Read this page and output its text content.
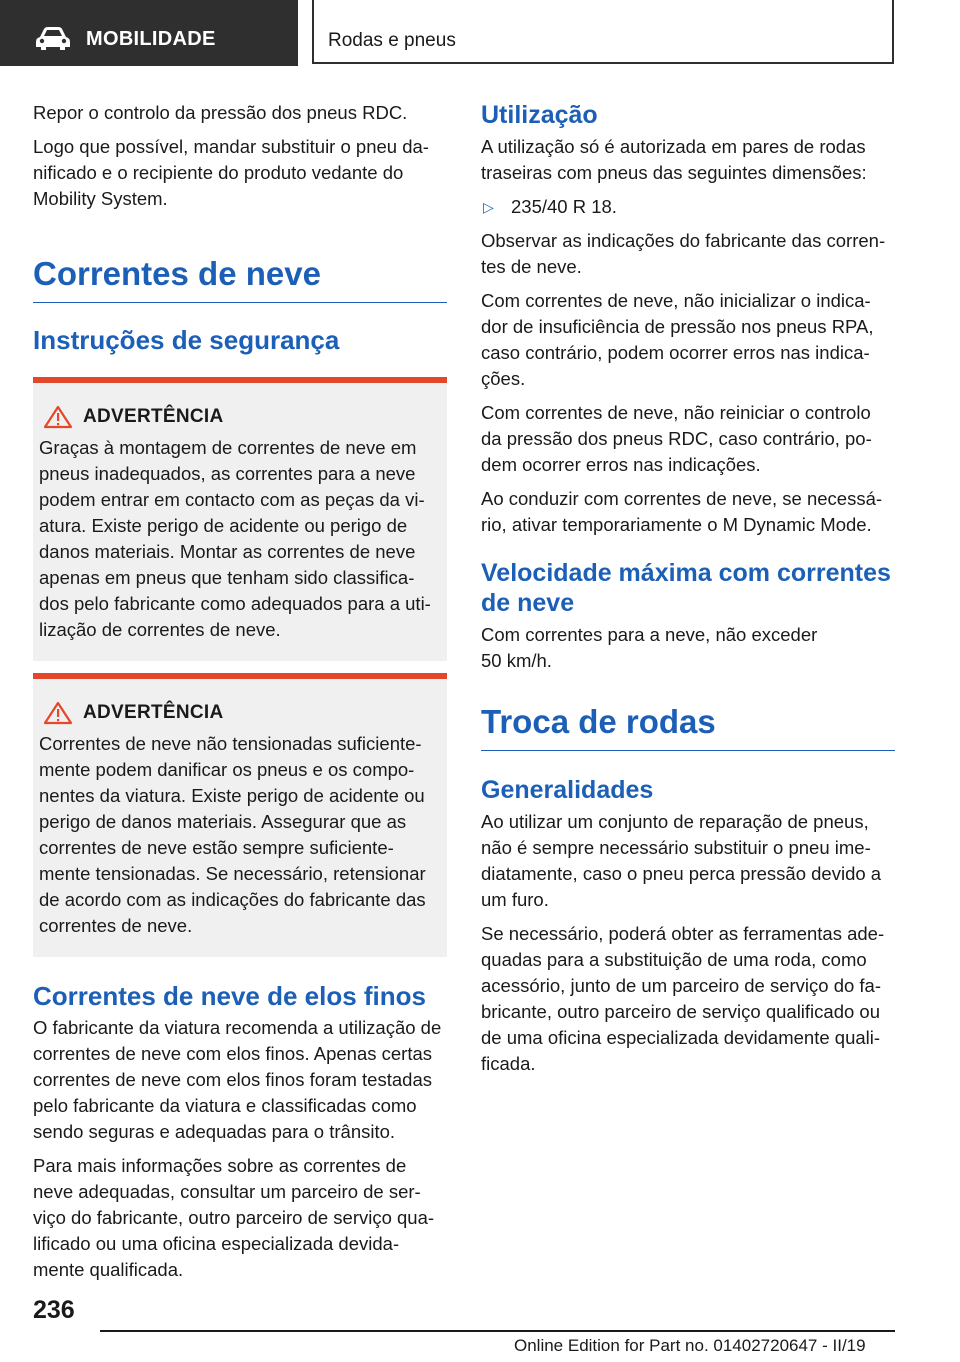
MOBILIDADE	Rodas e pneus

Repor o controlo da pressão dos pneus RDC.

Logo que possível, mandar substituir o pneu da-nificado e o recipiente do produto vedante do Mobility System.

Correntes de neve
Instruções de segurança
ADVERTÊNCIA

Graças à montagem de correntes de neve em pneus inadequados, as correntes para a neve podem entrar em contacto com as peças da vi-atura. Existe perigo de acidente ou perigo de danos materiais. Montar as correntes de neve apenas em pneus que tenham sido classifica-dos pelo fabricante como adequados para a uti-lização de correntes de neve.

ADVERTÊNCIA

Correntes de neve não tensionadas suficiente-mente podem danificar os pneus e os compo-nentes da viatura. Existe perigo de acidente ou perigo de danos materiais. Assegurar que as correntes de neve estão sempre suficiente-mente tensionadas. Se necessário, retensionar de acordo com as indicações do fabricante das correntes de neve.

Correntes de neve de elos finos

O fabricante da viatura recomenda a utilização de correntes de neve com elos finos. Apenas certas correntes de neve com elos finos foram testadas pelo fabricante da viatura e classificadas como sendo seguras e adequadas para o trânsito.

Para mais informações sobre as correntes de neve adequadas, consultar um parceiro de ser-viço do fabricante, outro parceiro de serviço qua-lificado ou uma oficina especializada devida-mente qualificada.

Utilização

A utilização só é autorizada em pares de rodas traseiras com pneus das seguintes dimensões:

▷ 235/40 R 18.

Observar as indicações do fabricante das corren-tes de neve.

Com correntes de neve, não inicializar o indica-dor de insuficiência de pressão nos pneus RPA, caso contrário, podem ocorrer erros nas indica-ções.

Com correntes de neve, não reiniciar o controlo da pressão dos pneus RDC, caso contrário, po-dem ocorrer erros nas indicações.

Ao conduzir com correntes de neve, se necessá-rio, ativar temporariamente o M Dynamic Mode.

Velocidade máxima com correntes de neve

Com correntes para a neve, não exceder 50 km/h.

Troca de rodas
Generalidades

Ao utilizar um conjunto de reparação de pneus, não é sempre necessário substituir o pneu ime-diatamente, caso o pneu perca pressão devido a um furo.

Se necessário, poderá obter as ferramentas ade-quadas para a substituição de uma roda, como acessório, junto de um parceiro de serviço do fa-bricante, outro parceiro de serviço qualificado ou de uma oficina especializada devidamente quali-ficada.

236
Online Edition for Part no. 01402720647 - II/19
